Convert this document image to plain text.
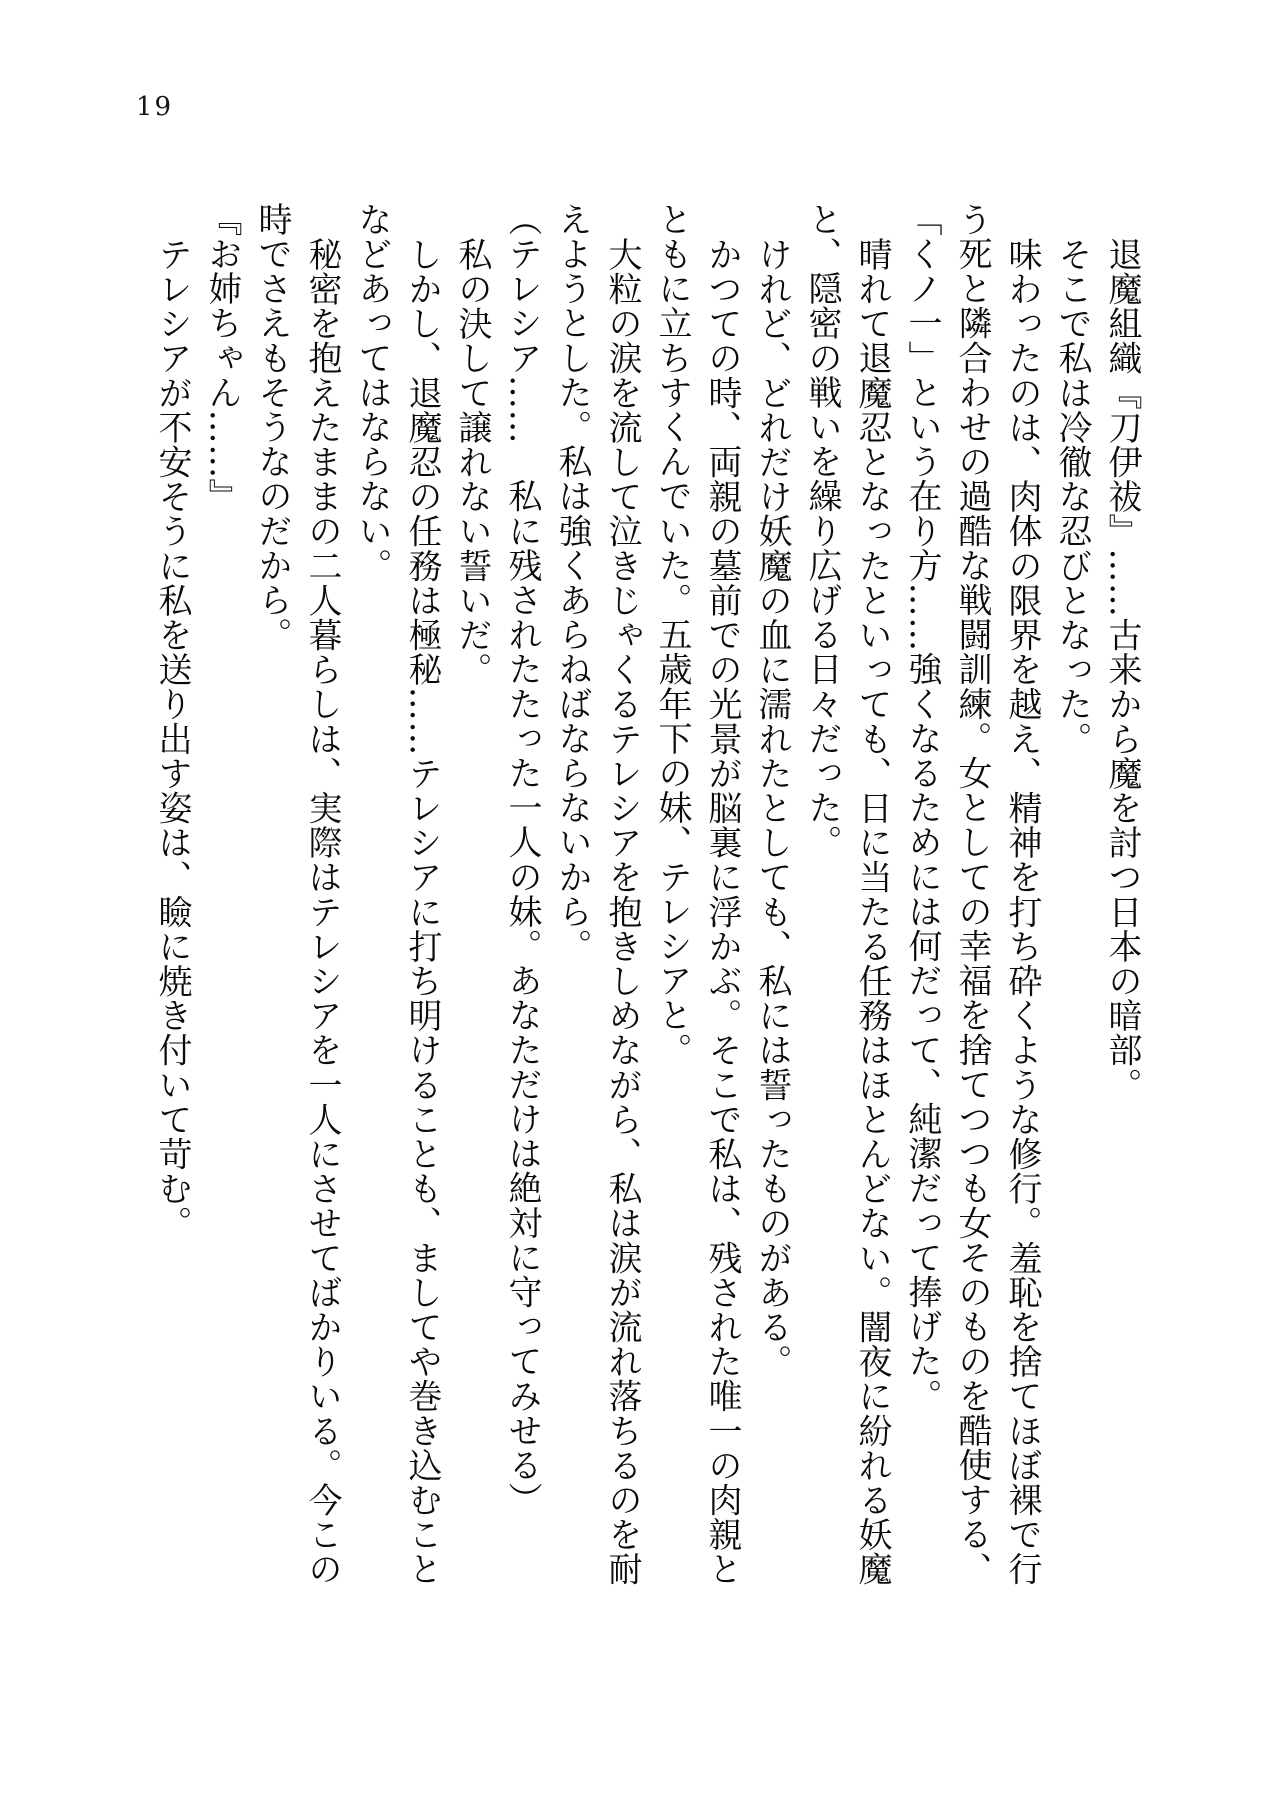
19
退魔組織『刀伊祓』……古来から魔を討つ日本の暗部。
そこで私は冷徹な忍びとなった。
味わったのは、肉体の限界を越え、精神を打ち砕くような修行。羞恥を捨てほぼ裸で行
う死と隣合わせの過酷な戦闘訓練。女としての幸福を捨てつつも女そのものを酷使する、
「くノ一」という在り方……強くなるためには何だって、純潔だって捧げた。
晴れて退魔忍となったといっても、日に当たる任務はほとんどない。闇夜に紛れる妖魔
と、隠密の戦いを繰り広げる日々だった。
けれど、どれだけ妖魔の血に濡れたとしても、私には誓ったものがある。
かつての時、両親の墓前での光景が脳裏に浮かぶ。そこで私は、残された唯一の肉親と
ともに立ちすくんでいた。五歳年下の妹、テレシアと。
大粒の涙を流して泣きじゃくるテレシアを抱きしめながら、私は涙が流れ落ちるのを耐
えようとした。私は強くあらねばならないから。
（テレシア……　私に残されたたった一人の妹。あなただけは絶対に守ってみせる）
私の決して譲れない誓いだ。
しかし、退魔忍の任務は極秘……テレシアに打ち明けることも、ましてや巻き込むこと
などあってはならない。
秘密を抱えたままの二人暮らしは、実際はテレシアを一人にさせてばかりいる。今この
時でさえもそうなのだから。
『お姉ちゃん……』
テレシアが不安そうに私を送り出す姿は、瞼に焼き付いて苛む。
